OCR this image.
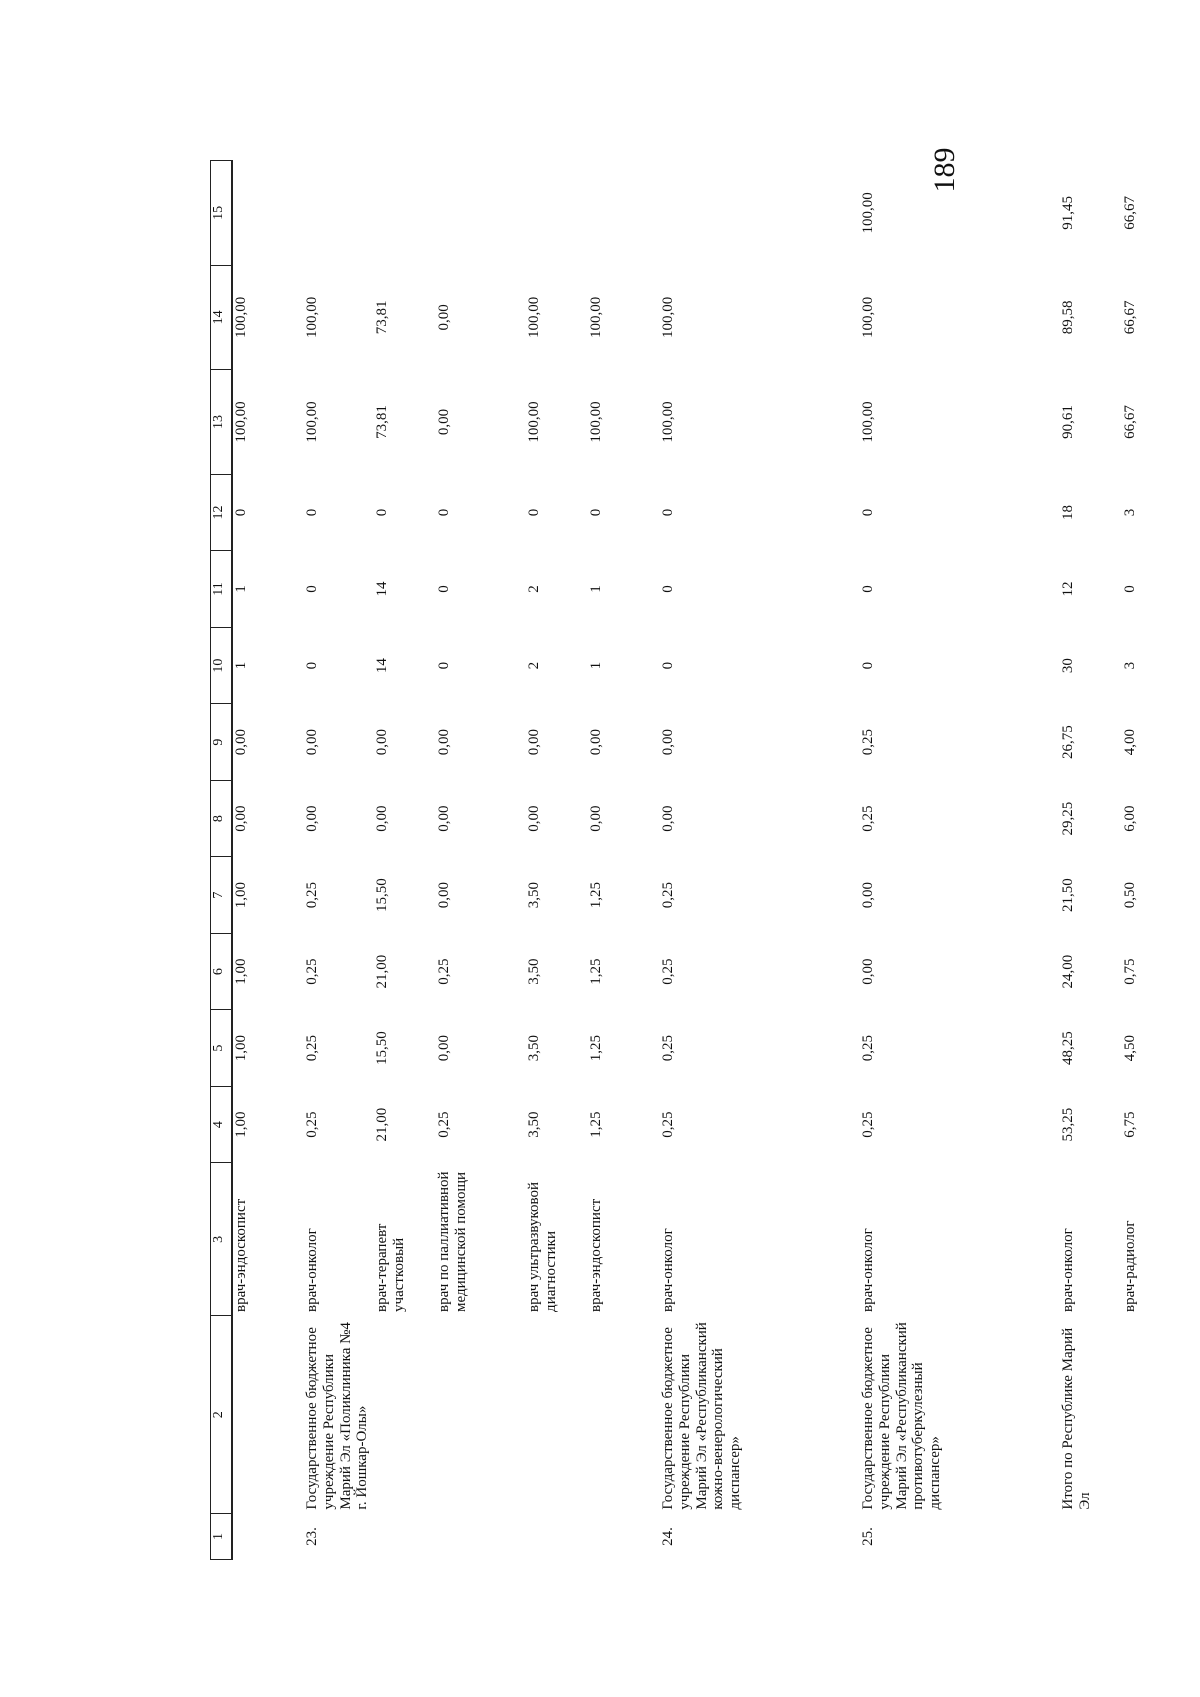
189
1	2	3	4	5	6	7	8	9	10	11	12	13	14	15
		врач-эндоскопист	1,00	1,00	1,00	1,00	0,00	0,00	1	1	0	100,00	100,00	

23.	Государственное бюджетное учреждение Республики Марий Эл «Поликлиника №4 г. Йошкар-Олы»	врач-онколог	0,25	0,25	0,25	0,25	0,00	0,00	0	0	0	100,00	100,00	
		врач-терапевт участковый	21,00	15,50	21,00	15,50	0,00	0,00	14	14	0	73,81	73,81	
		врач по паллиативной медицинской помощи	0,25	0,00	0,25	0,00	0,00	0,00	0	0	0	0,00	0,00	
		врач ультразвуковой диагностики	3,50	3,50	3,50	3,50	0,00	0,00	2	2	0	100,00	100,00	
		врач-эндоскопист	1,25	1,25	1,25	1,25	0,00	0,00	1	1	0	100,00	100,00	

24.	Государственное бюджетное учреждение Республики Марий Эл «Республиканский кожно-венерологический диспансер»	врач-онколог	0,25	0,25	0,25	0,25	0,00	0,00	0	0	0	100,00	100,00	

25.	Государственное бюджетное учреждение Республики Марий Эл «Республиканский противотуберкулезный диспансер»	врач-онколог	0,25	0,25	0,00	0,00	0,25	0,25	0	0	0	100,00	100,00	100,00

	Итого по Республике Марий Эл	врач-онколог	53,25	48,25	24,00	21,50	29,25	26,75	30	12	18	90,61	89,58	91,45
		врач-радиолог	6,75	4,50	0,75	0,50	6,00	4,00	3	0	3	66,67	66,67	66,67
